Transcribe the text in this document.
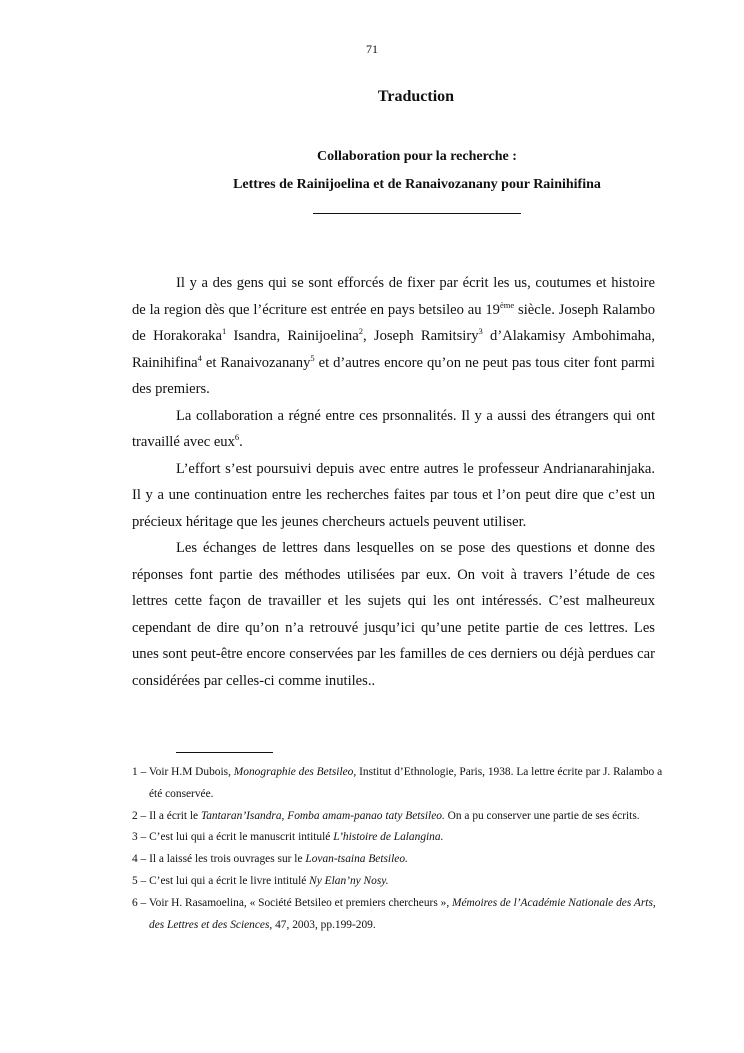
71
Traduction
Collaboration pour la recherche :
Lettres de Rainijoelina et de Ranaivozanany pour Rainihifina

Il y a des gens qui se sont efforcés de fixer par écrit les us, coutumes et histoire de la region dès que l’écriture est entrée en pays betsileo au 19ème siècle. Joseph Ralambo de Horakoraka$^1$ Isandra, Rainijoelina$^2$, Joseph Ramitsiry$^3$ d’Alakamisy Ambohimaha, Rainihifina$^4$ et Ranaivozanany$^5$ et d’autres encore qu’on ne peut pas tous citer font parmi des premiers.

La collaboration a régné entre ces prsonnalités. Il y a aussi des étrangers qui ont travaillé avec eux$^6$.

L’effort s’est poursuivi depuis avec entre autres le professeur Andrianarahinjaka. Il y a une continuation entre les recherches faites par tous et l’on peut dire que c’est un précieux héritage que les jeunes chercheurs actuels peuvent utiliser.

Les échanges de lettres dans lesquelles on se pose des questions et donne des réponses font partie des méthodes utilisées par eux. On voit à travers l’étude de ces lettres cette façon de travailler et les sujets qui les ont intéressés. C’est malheureux cependant de dire qu’on n’a retrouvé jusqu’ici qu’une petite partie de ces lettres. Les unes sont peut-être encore conservées par les familles de ces derniers ou déjà perdues car considérées par celles-ci comme inutiles..

1 – Voir H.M Dubois, Monographie des Betsileo, Institut d’Ethnologie, Paris, 1938. La lettre écrite par J. Ralambo a été conservée.

2 – Il a écrit le Tantaran’Isandra, Fomba amam-panao taty Betsileo. On a pu conserver une partie de ses écrits.

3 – C’est lui qui a écrit le manuscrit intitulé L’histoire de Lalangina.

4 – Il a laissé les trois ouvrages sur le Lovan-tsaina Betsileo.

5 – C’est lui qui a écrit le livre intitulé Ny Elan’ny Nosy.

6 – Voir H. Rasamoelina, « Société Betsileo et premiers chercheurs », Mémoires de l’Académie Nationale des Arts, des Lettres et des Sciences, 47, 2003, pp.199-209.
